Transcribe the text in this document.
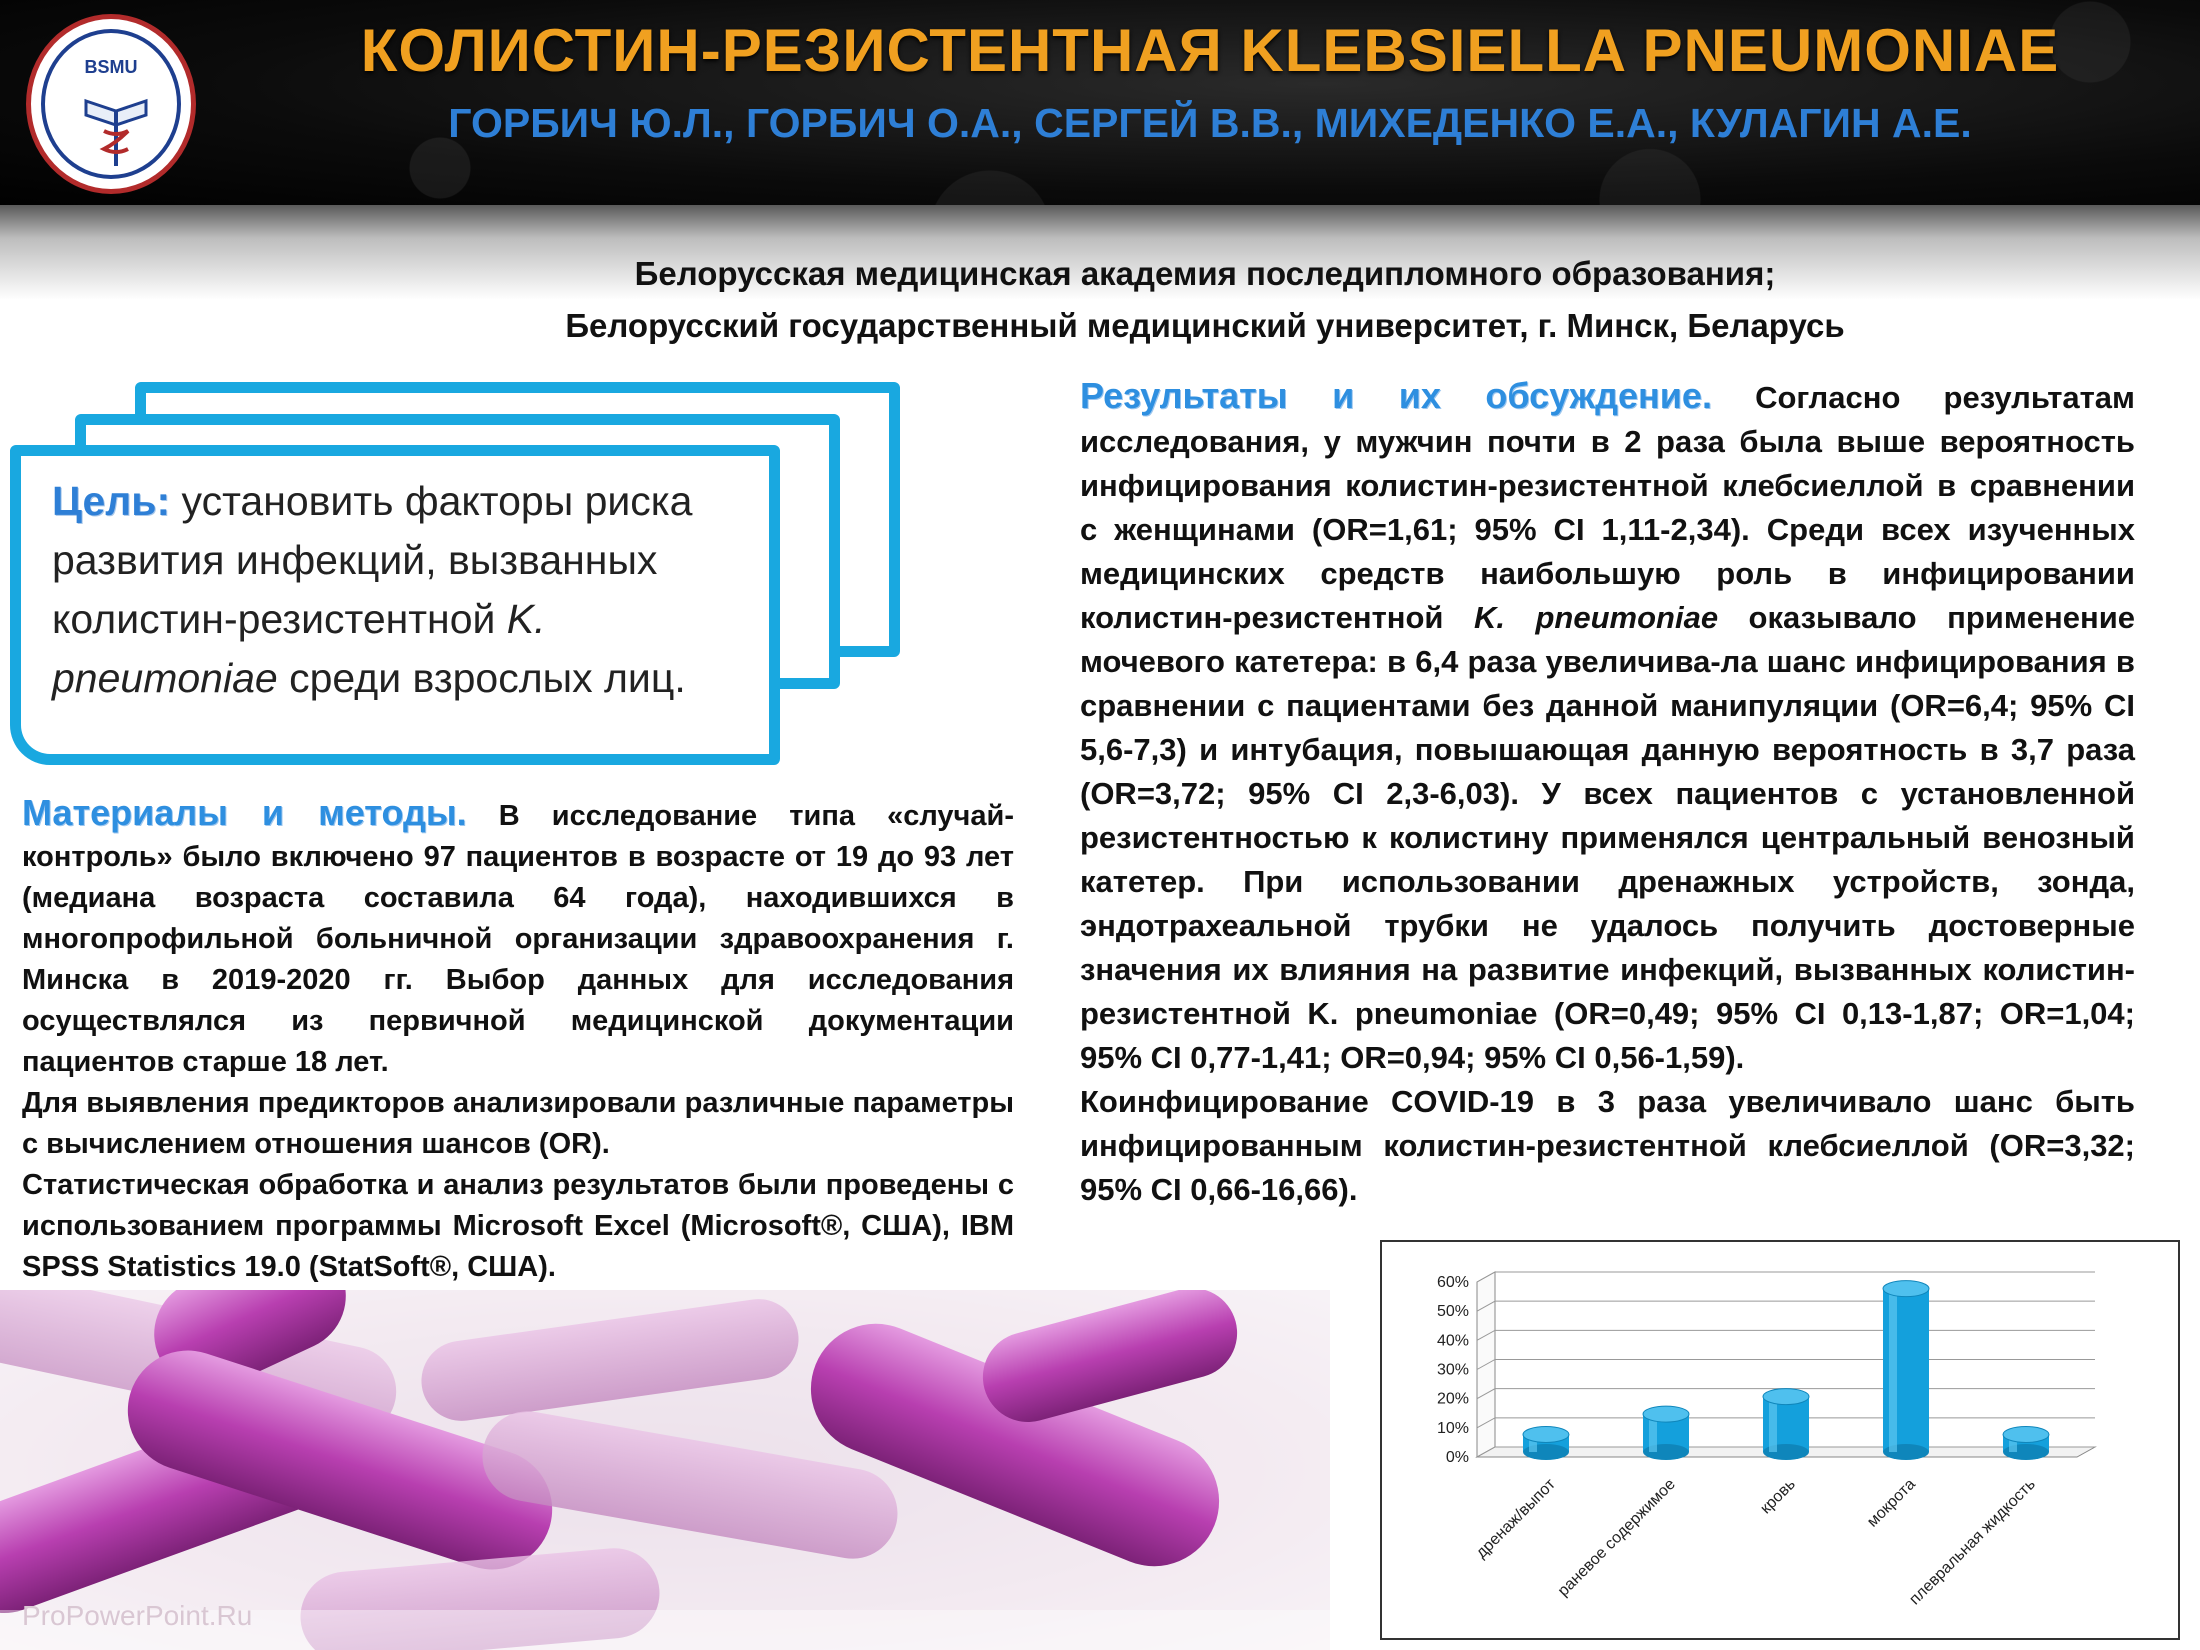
BSMU	КОЛИСТИН-РЕЗИСТЕНТНАЯ KLEBSIELLA PNEUMONIAE
ГОРБИЧ Ю.Л., ГОРБИЧ О.А., СЕРГЕЙ В.В., МИХЕДЕНКО Е.А., КУЛАГИН А.Е.
Белорусская медицинская академия последипломного образования;
Белорусский государственный медицинский университет, г. Минск, Беларусь
Цель: установить факторы риска развития инфекций, вызванных колистин-резистентной K. pneumoniae среди взрослых лиц.
Материалы и методы. В исследование типа «случай-контроль» было включено 97 пациентов в возрасте от 19 до 93 лет (медиана возраста составила 64 года), находившихся в многопрофильной больничной организации здравоохранения г. Минска в 2019-2020 гг. Выбор данных для исследования осуществлялся из первичной медицинской документации пациентов старше 18 лет.
Для выявления предикторов анализировали различные параметры с вычислением отношения шансов (OR).
Статистическая обработка и анализ результатов были проведены с использованием программы Microsoft Excel (Microsoft®, США), IBM SPSS Statistics 19.0 (StatSoft®, США).
Результаты и их обсуждение. Согласно результатам исследования, у мужчин почти в 2 раза была выше вероятность инфицирования колистин-резистентной клебсиеллой в сравнении с женщинами (OR=1,61; 95% CI 1,11-2,34). Среди всех изученных медицинских средств наибольшую роль в инфицировании колистин-резистентной K. pneumoniae оказывало применение мочевого катетера: в 6,4 раза увеличива-ла шанс инфицирования в сравнении с пациентами без данной манипуляции (OR=6,4; 95% CI 5,6-7,3) и интубация, повышающая данную вероятность в 3,7 раза (OR=3,72; 95% CI 2,3-6,03). У всех пациентов с установленной резистентностью к колистину применялся центральный венозный катетер. При использовании дренажных устройств, зонда, эндотрахеальной трубки не удалось получить достоверные значения их влияния на развитие инфекций, вызванных колистин-резистентной K. pneumoniae (OR=0,49; 95% CI 0,13-1,87; OR=1,04; 95% CI 0,77-1,41; OR=0,94; 95% CI 0,56-1,59).
Коинфицирование COVID-19 в 3 раза увеличивало шанс быть инфицированным колистин-резистентной клебсиеллой (OR=3,32; 95% CI 0,66-16,66).
ProPowerPoint.Ru
0%
10%
20%
30%
40%
50%
60%
дренаж/выпот
раневое содержимое	кровь	мокрота
плевральная жидкость
